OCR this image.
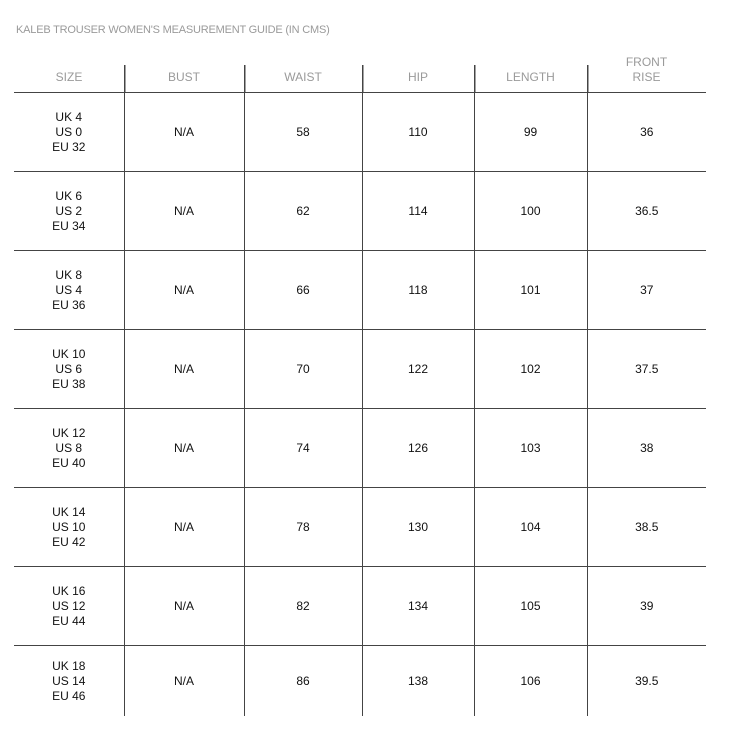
KALEB TROUSER WOMEN'S MEASUREMENT GUIDE (IN CMS)
SIZE	BUST	WAIST	HIP	LENGTH	FRONT
RISE

UK 4
US 0
EU 32	N/A	58	110	99	36

UK 6
US 2
EU 34	N/A	62	114	100	36.5

UK 8
US 4
EU 36	N/A	66	118	101	37

UK 10
US 6
EU 38	N/A	70	122	102	37.5

UK 12
US 8
EU 40	N/A	74	126	103	38

UK 14
US 10
EU 42	N/A	78	130	104	38.5

UK 16
US 12
EU 44	N/A	82	134	105	39

UK 18
US 14
EU 46	N/A	86	138	106	39.5
